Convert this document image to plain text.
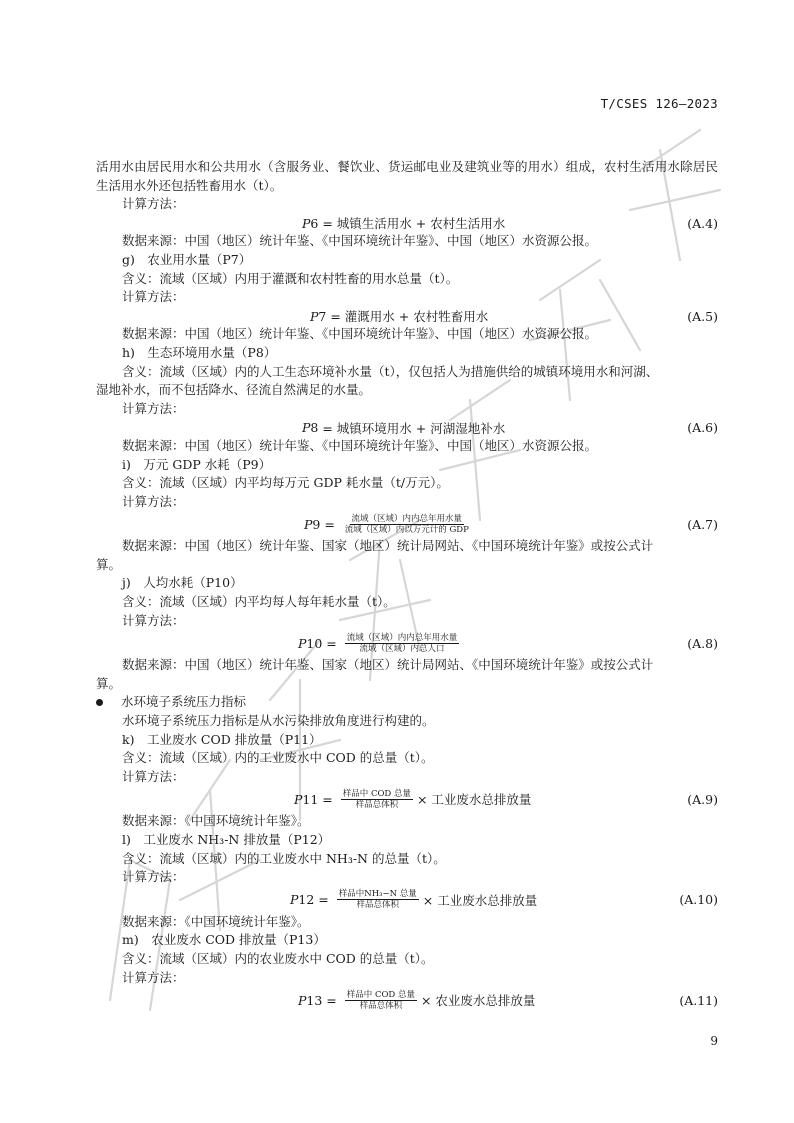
T/CSES 126—2023
活用水由居民用水和公共用水（含服务业、餐饮业、货运邮电业及建筑业等的用水）组成，农村生活用水除居民生活用水外还包括牲畜用水（t）。
计算方法：
P 6 = 城镇生活用水 + 农村生活用水	(A.4)
数据来源：中国（地区）统计年鉴、《中国环境统计年鉴》、中国（地区）水资源公报。
g)　农业用水量（P7）
含义：流域（区域）内用于灌溉和农村牲畜的用水总量（t）。
计算方法：
P 7 = 灌溉用水 + 农村牲畜用水	(A.5)
数据来源：中国（地区）统计年鉴、《中国环境统计年鉴》、中国（地区）水资源公报。
h)　生态环境用水量（P8）
含义：流域（区域）内的人工生态环境补水量（t），仅包括人为措施供给的城镇环境用水和河湖、
湿地补水，而不包括降水、径流自然满足的水量。
计算方法：
P 8 = 城镇环境用水 + 河湖湿地补水	(A.6)
数据来源：中国（地区）统计年鉴、《中国环境统计年鉴》、中国（地区）水资源公报。
i)　万元 GDP 水耗（P9）
含义：流域（区域）内平均每万元 GDP 耗水量（t/万元）。
计算方法：
P $9 = \frac{\text{流域（区域）内内总年用水量}}{\text{流域（区域）内以万元计的 GDP}}$	(A.7)
数据来源：中国（地区）统计年鉴、国家（地区）统计局网站、《中国环境统计年鉴》或按公式计
算。
j)　人均水耗（P10）
含义：流域（区域）内平均每人每年耗水量（t）。
计算方法：
P $10 = \frac{\text{流域（区域）内内总年用水量}}{\text{流域（区域）内总人口}}$	(A.8)
数据来源：中国（地区）统计年鉴、国家（地区）统计局网站、《中国环境统计年鉴》或按公式计
算。
水环境子系统压力指标
水环境子系统压力指标是从水污染排放角度进行构建的。
k)　工业废水 COD 排放量（P11）
含义：流域（区域）内的工业废水中 COD 的总量（t）。
计算方法：
P $11 = \frac{\text{样品中 COD 总量}}{\text{样品总体积}}$ × 工业废水总排放量	(A.9)
数据来源：《中国环境统计年鉴》。
l)　工业废水 NH₃-N 排放量（P12）
含义：流域（区域）内的工业废水中 NH₃-N 的总量（t）。
计算方法：
P $12 = \frac{\text{样品中NH₃−N 总量}}{\text{样品总体积}}$ × 工业废水总排放量	(A.10)
数据来源：《中国环境统计年鉴》。
m)　农业废水 COD 排放量（P13）
含义：流域（区域）内的农业废水中 COD 的总量（t）。
计算方法：
P $13 = \frac{\text{样品中 COD 总量}}{\text{样品总体积}}$ × 农业废水总排放量	(A.11)
9
